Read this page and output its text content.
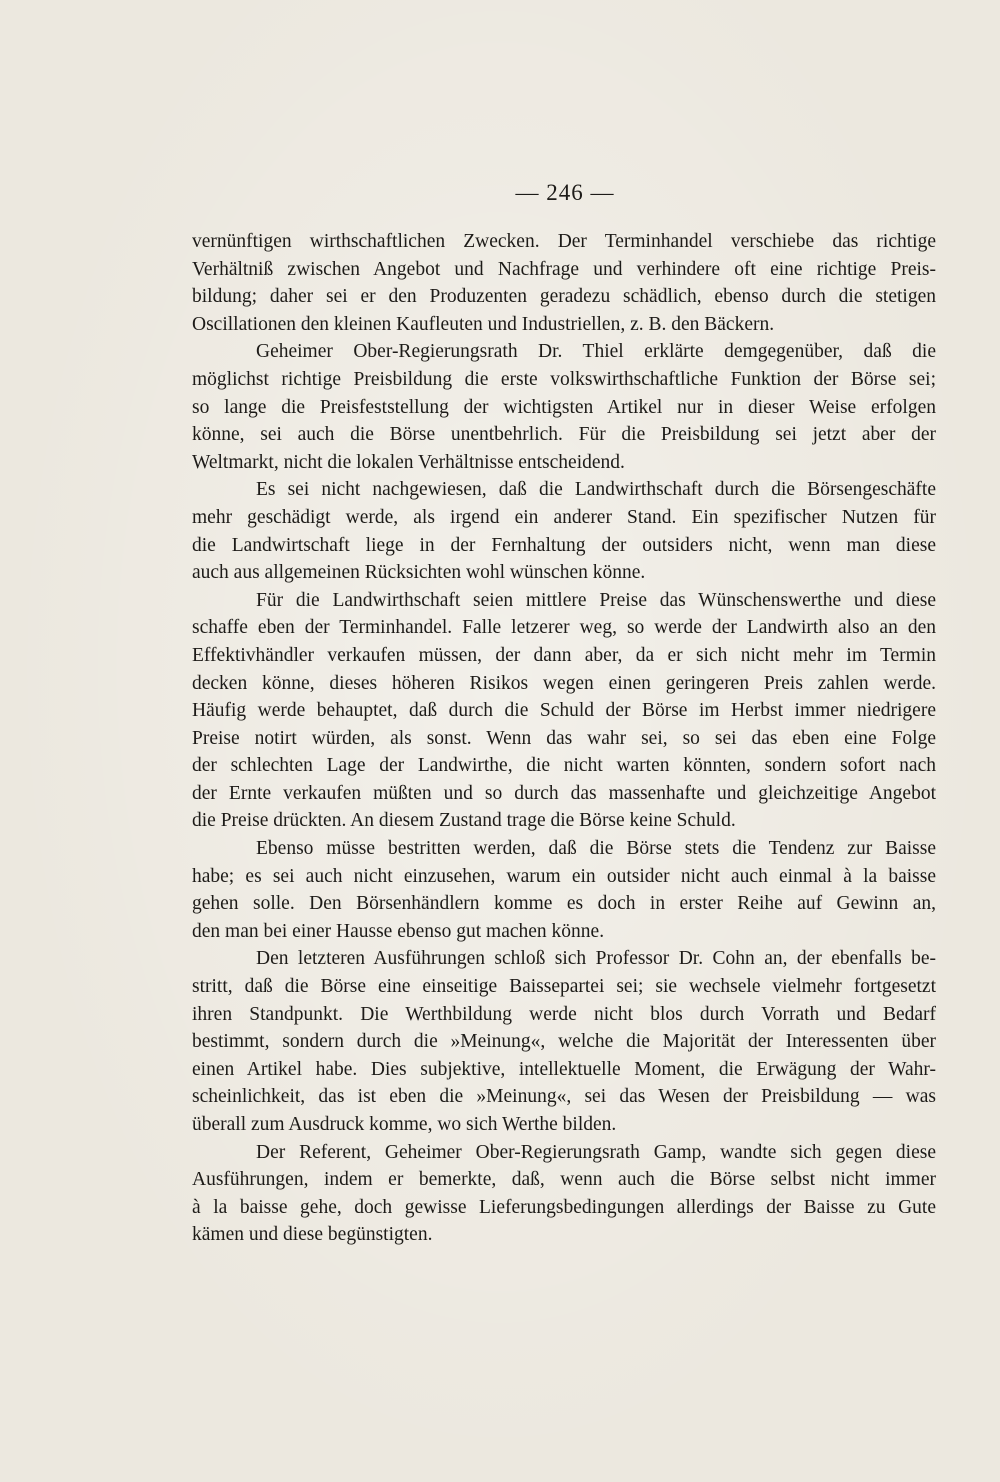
— 246 —
vernünftigen wirthschaftlichen Zwecken. Der Terminhandel verschiebe das richtige
Verhältniß zwischen Angebot und Nachfrage und verhindere oft eine richtige Preis-
bildung; daher sei er den Produzenten geradezu schädlich, ebenso durch die stetigen
Oscillationen den kleinen Kaufleuten und Industriellen, z. B. den Bäckern.
Geheimer Ober-Regierungsrath Dr. Thiel erklärte demgegenüber, daß die
möglichst richtige Preisbildung die erste volkswirthschaftliche Funktion der Börse sei;
so lange die Preisfeststellung der wichtigsten Artikel nur in dieser Weise erfolgen
könne, sei auch die Börse unentbehrlich. Für die Preisbildung sei jetzt aber der
Weltmarkt, nicht die lokalen Verhältnisse entscheidend.
Es sei nicht nachgewiesen, daß die Landwirthschaft durch die Börsengeschäfte
mehr geschädigt werde, als irgend ein anderer Stand. Ein spezifischer Nutzen für
die Landwirtschaft liege in der Fernhaltung der outsiders nicht, wenn man diese
auch aus allgemeinen Rücksichten wohl wünschen könne.
Für die Landwirthschaft seien mittlere Preise das Wünschenswerthe und diese
schaffe eben der Terminhandel. Falle letzerer weg, so werde der Landwirth also an den
Effektivhändler verkaufen müssen, der dann aber, da er sich nicht mehr im Termin
decken könne, dieses höheren Risikos wegen einen geringeren Preis zahlen werde.
Häufig werde behauptet, daß durch die Schuld der Börse im Herbst immer niedrigere
Preise notirt würden, als sonst. Wenn das wahr sei, so sei das eben eine Folge
der schlechten Lage der Landwirthe, die nicht warten könnten, sondern sofort nach
der Ernte verkaufen müßten und so durch das massenhafte und gleichzeitige Angebot
die Preise drückten. An diesem Zustand trage die Börse keine Schuld.
Ebenso müsse bestritten werden, daß die Börse stets die Tendenz zur Baisse
habe; es sei auch nicht einzusehen, warum ein outsider nicht auch einmal à la baisse
gehen solle. Den Börsenhändlern komme es doch in erster Reihe auf Gewinn an,
den man bei einer Hausse ebenso gut machen könne.
Den letzteren Ausführungen schloß sich Professor Dr. Cohn an, der ebenfalls be-
stritt, daß die Börse eine einseitige Baissepartei sei; sie wechsele vielmehr fortgesetzt
ihren Standpunkt. Die Werthbildung werde nicht blos durch Vorrath und Bedarf
bestimmt, sondern durch die »Meinung«, welche die Majorität der Interessenten über
einen Artikel habe. Dies subjektive, intellektuelle Moment, die Erwägung der Wahr-
scheinlichkeit, das ist eben die »Meinung«, sei das Wesen der Preisbildung — was
überall zum Ausdruck komme, wo sich Werthe bilden.
Der Referent, Geheimer Ober-Regierungsrath Gamp, wandte sich gegen diese
Ausführungen, indem er bemerkte, daß, wenn auch die Börse selbst nicht immer
à la baisse gehe, doch gewisse Lieferungsbedingungen allerdings der Baisse zu Gute
kämen und diese begünstigten.
